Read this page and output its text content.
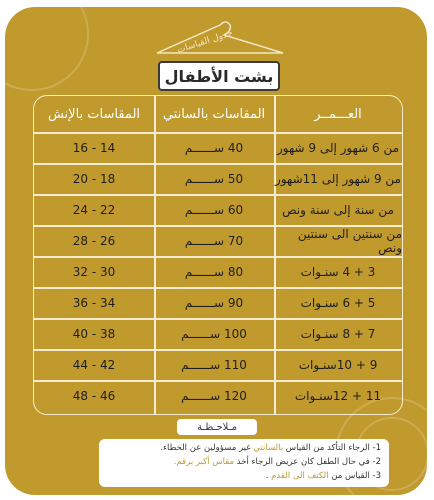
جدول القياسات
بشت الأطفال
المقاسات بالإنش	المقاسات بالسانتي	العـــمــر
16 - 14	40 ســــــم	من 6 شهور إلى 9 شهور
20 - 18	50 ســــــم	من 9 شهور إلى 11شهور
24 - 22	60 ســــــم	من سنة إلى سنة ونص
28 - 26	70 ســــــم	من سنتين الى سنتين ونص
32 - 30	80 ســــــم	3 + 4 سنـوات
36 - 34	90 ســــــم	5 + 6 سنـوات
40 - 38	100 ســــــم	7 + 8 سنـوات
44 - 42	110 ســــــم	9 + 10سنـوات
48 - 46	120 ســــــم	11 + 12سنـوات
مـلاحـظـة
1- الرجاء التأكد من القياس بالسانتي غير مسؤولين عن الخطاء.
2- في حال الطفل كان عريض الرجاء أخذ مقاس أكبر برقم.
3- القياس من الكتف الى القدم .
